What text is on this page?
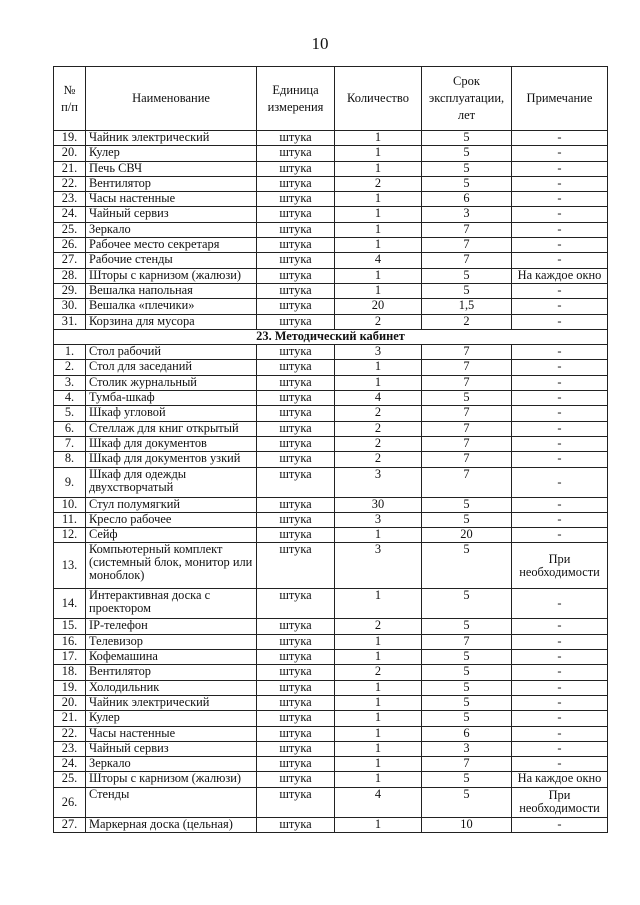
10
№ п/п	Наименование	Единица измерения	Количество	Срок эксплуатации, лет	Примечание
19.	Чайник электрический	штука	1	5	-
20.	Кулер	штука	1	5	-
21.	Печь СВЧ	штука	1	5	-
22.	Вентилятор	штука	2	5	-
23.	Часы настенные	штука	1	6	-
24.	Чайный сервиз	штука	1	3	-
25.	Зеркало	штука	1	7	-
26.	Рабочее место секретаря	штука	1	7	-
27.	Рабочие стенды	штука	4	7	-
28.	Шторы с карнизом (жалюзи)	штука	1	5	На каждое окно
29.	Вешалка напольная	штука	1	5	-
30.	Вешалка «плечики»	штука	20	1,5	-
31.	Корзина для мусора	штука	2	2	-
23. Методический кабинет					
1.	Стол рабочий	штука	3	7	-
2.	Стол для заседаний	штука	1	7	-
3.	Столик журнальный	штука	1	7	-
4.	Тумба-шкаф	штука	4	5	-
5.	Шкаф угловой	штука	2	7	-
6.	Стеллаж для книг открытый	штука	2	7	-
7.	Шкаф для документов	штука	2	7	-
8.	Шкаф для документов узкий	штука	2	7	-
9.	Шкаф для одежды двухстворчатый	штука	3	7	-
10.	Стул полумягкий	штука	30	5	-
11.	Кресло рабочее	штука	3	5	-
12.	Сейф	штука	1	20	-
13.	Компьютерный комплект (системный блок, монитор или моноблок)	штука	3	5	При необходимости
14.	Интерактивная доска с проектором	штука	1	5	-
15.	IP-телефон	штука	2	5	-
16.	Телевизор	штука	1	7	-
17.	Кофемашина	штука	1	5	-
18.	Вентилятор	штука	2	5	-
19.	Холодильник	штука	1	5	-
20.	Чайник электрический	штука	1	5	-
21.	Кулер	штука	1	5	-
22.	Часы настенные	штука	1	6	-
23.	Чайный сервиз	штука	1	3	-
24.	Зеркало	штука	1	7	-
25.	Шторы с карнизом (жалюзи)	штука	1	5	На каждое окно
26.	Стенды	штука	4	5	При необходимости
27.	Маркерная доска (цельная)	штука	1	10	-
